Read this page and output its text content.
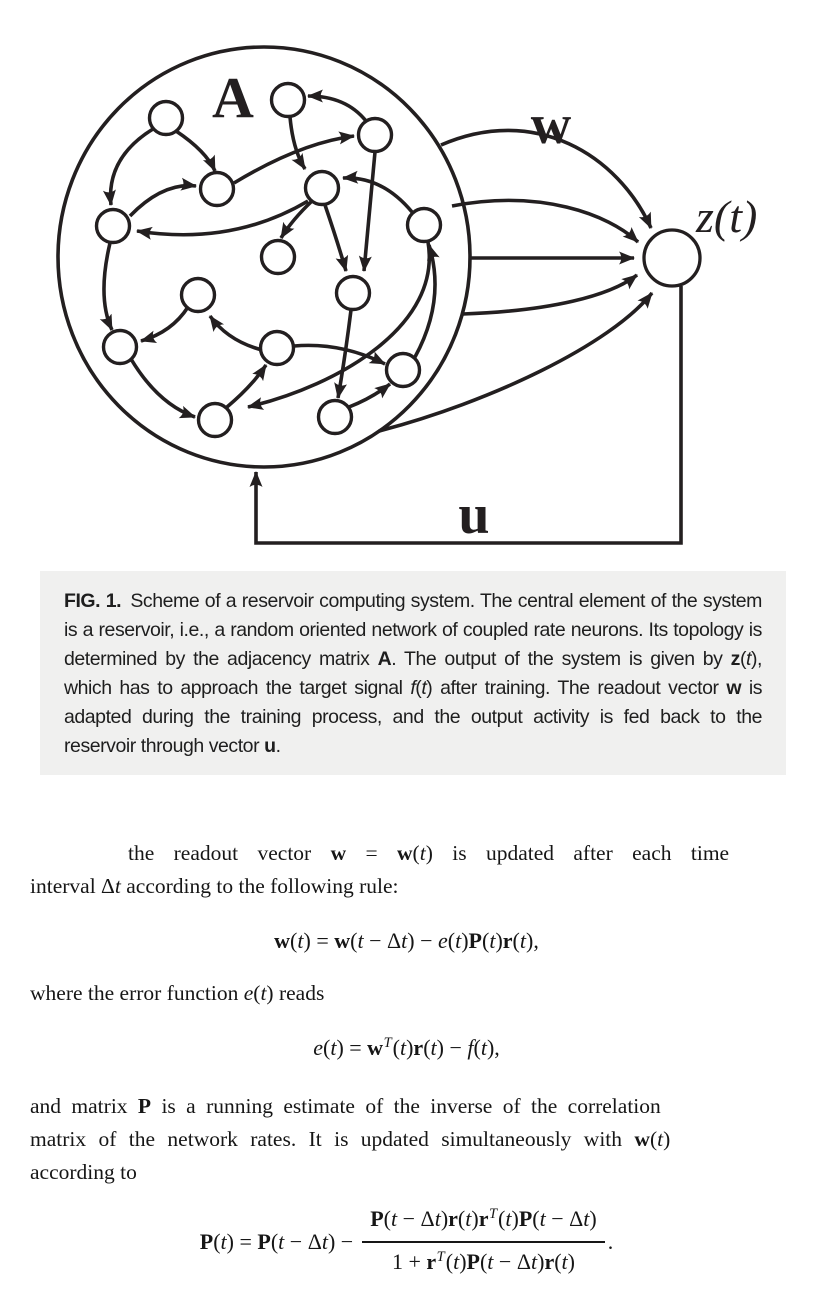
A	w
u
z(t)
FIG. 1. Scheme of a reservoir computing system. The central element of the system is a reservoir, i.e., a random oriented network of coupled rate neurons. Its topology is determined by the adjacency matrix A. The output of the system is given by z(t), which has to approach the target signal f(t) after training. The readout vector w is adapted during the training process, and the output activity is fed back to the reservoir through vector u.

the readout vector w = w(t) is updated after each time
interval Δt according to the following rule:

w(t) = w(t − Δt) − e(t)P(t)r(t),

where the error function e(t) reads

$e(t) = w^T(t)r(t) - f(t)$,

and matrix P is a running estimate of the inverse of the correlation
matrix of the network rates. It is updated simultaneously with w(t)
according to

$P(t) = P(t - \Delta t) - \frac{P(t - \Delta t)r(t)r^T(t)P(t - \Delta t)}{1 + r^T(t)P(t - \Delta t)r(t)}$ .
